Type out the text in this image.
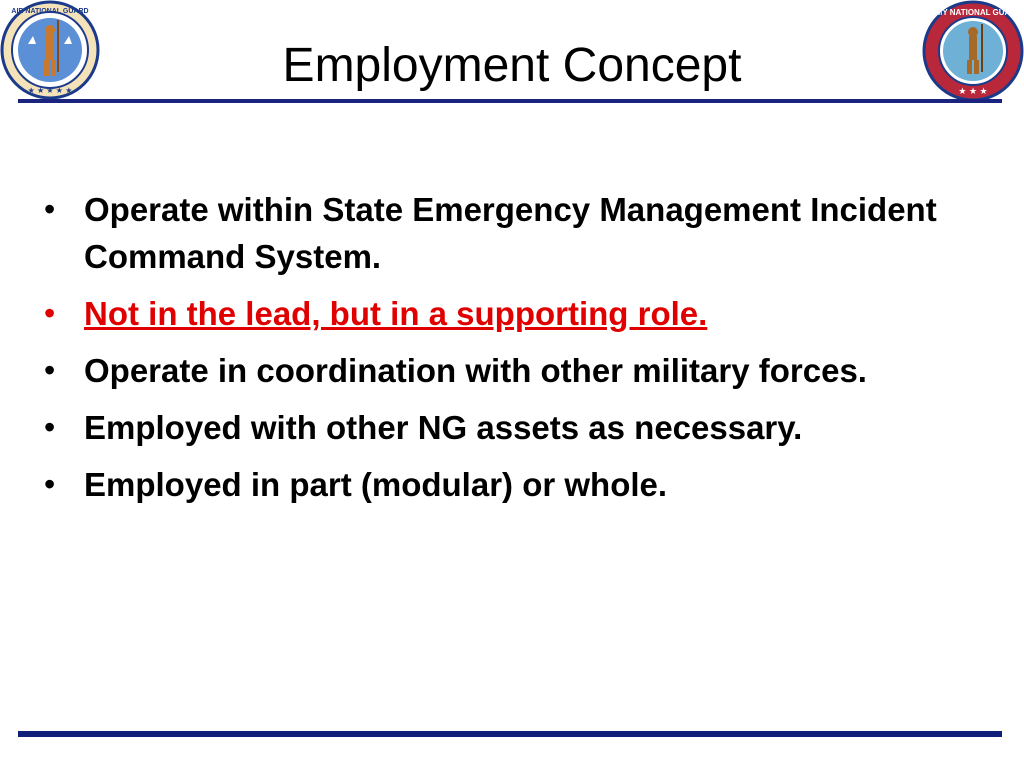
★ ★ ★ ★ ★
AIR NATIONAL GUARD	ARMY NATIONAL GUARD
★ ★ ★
Employment Concept
• Operate within State Emergency Management Incident Command System.
• Not in the lead, but in a supporting role.
• Operate in coordination with other military forces.
• Employed with other NG assets as necessary.
• Employed in part (modular) or whole.
